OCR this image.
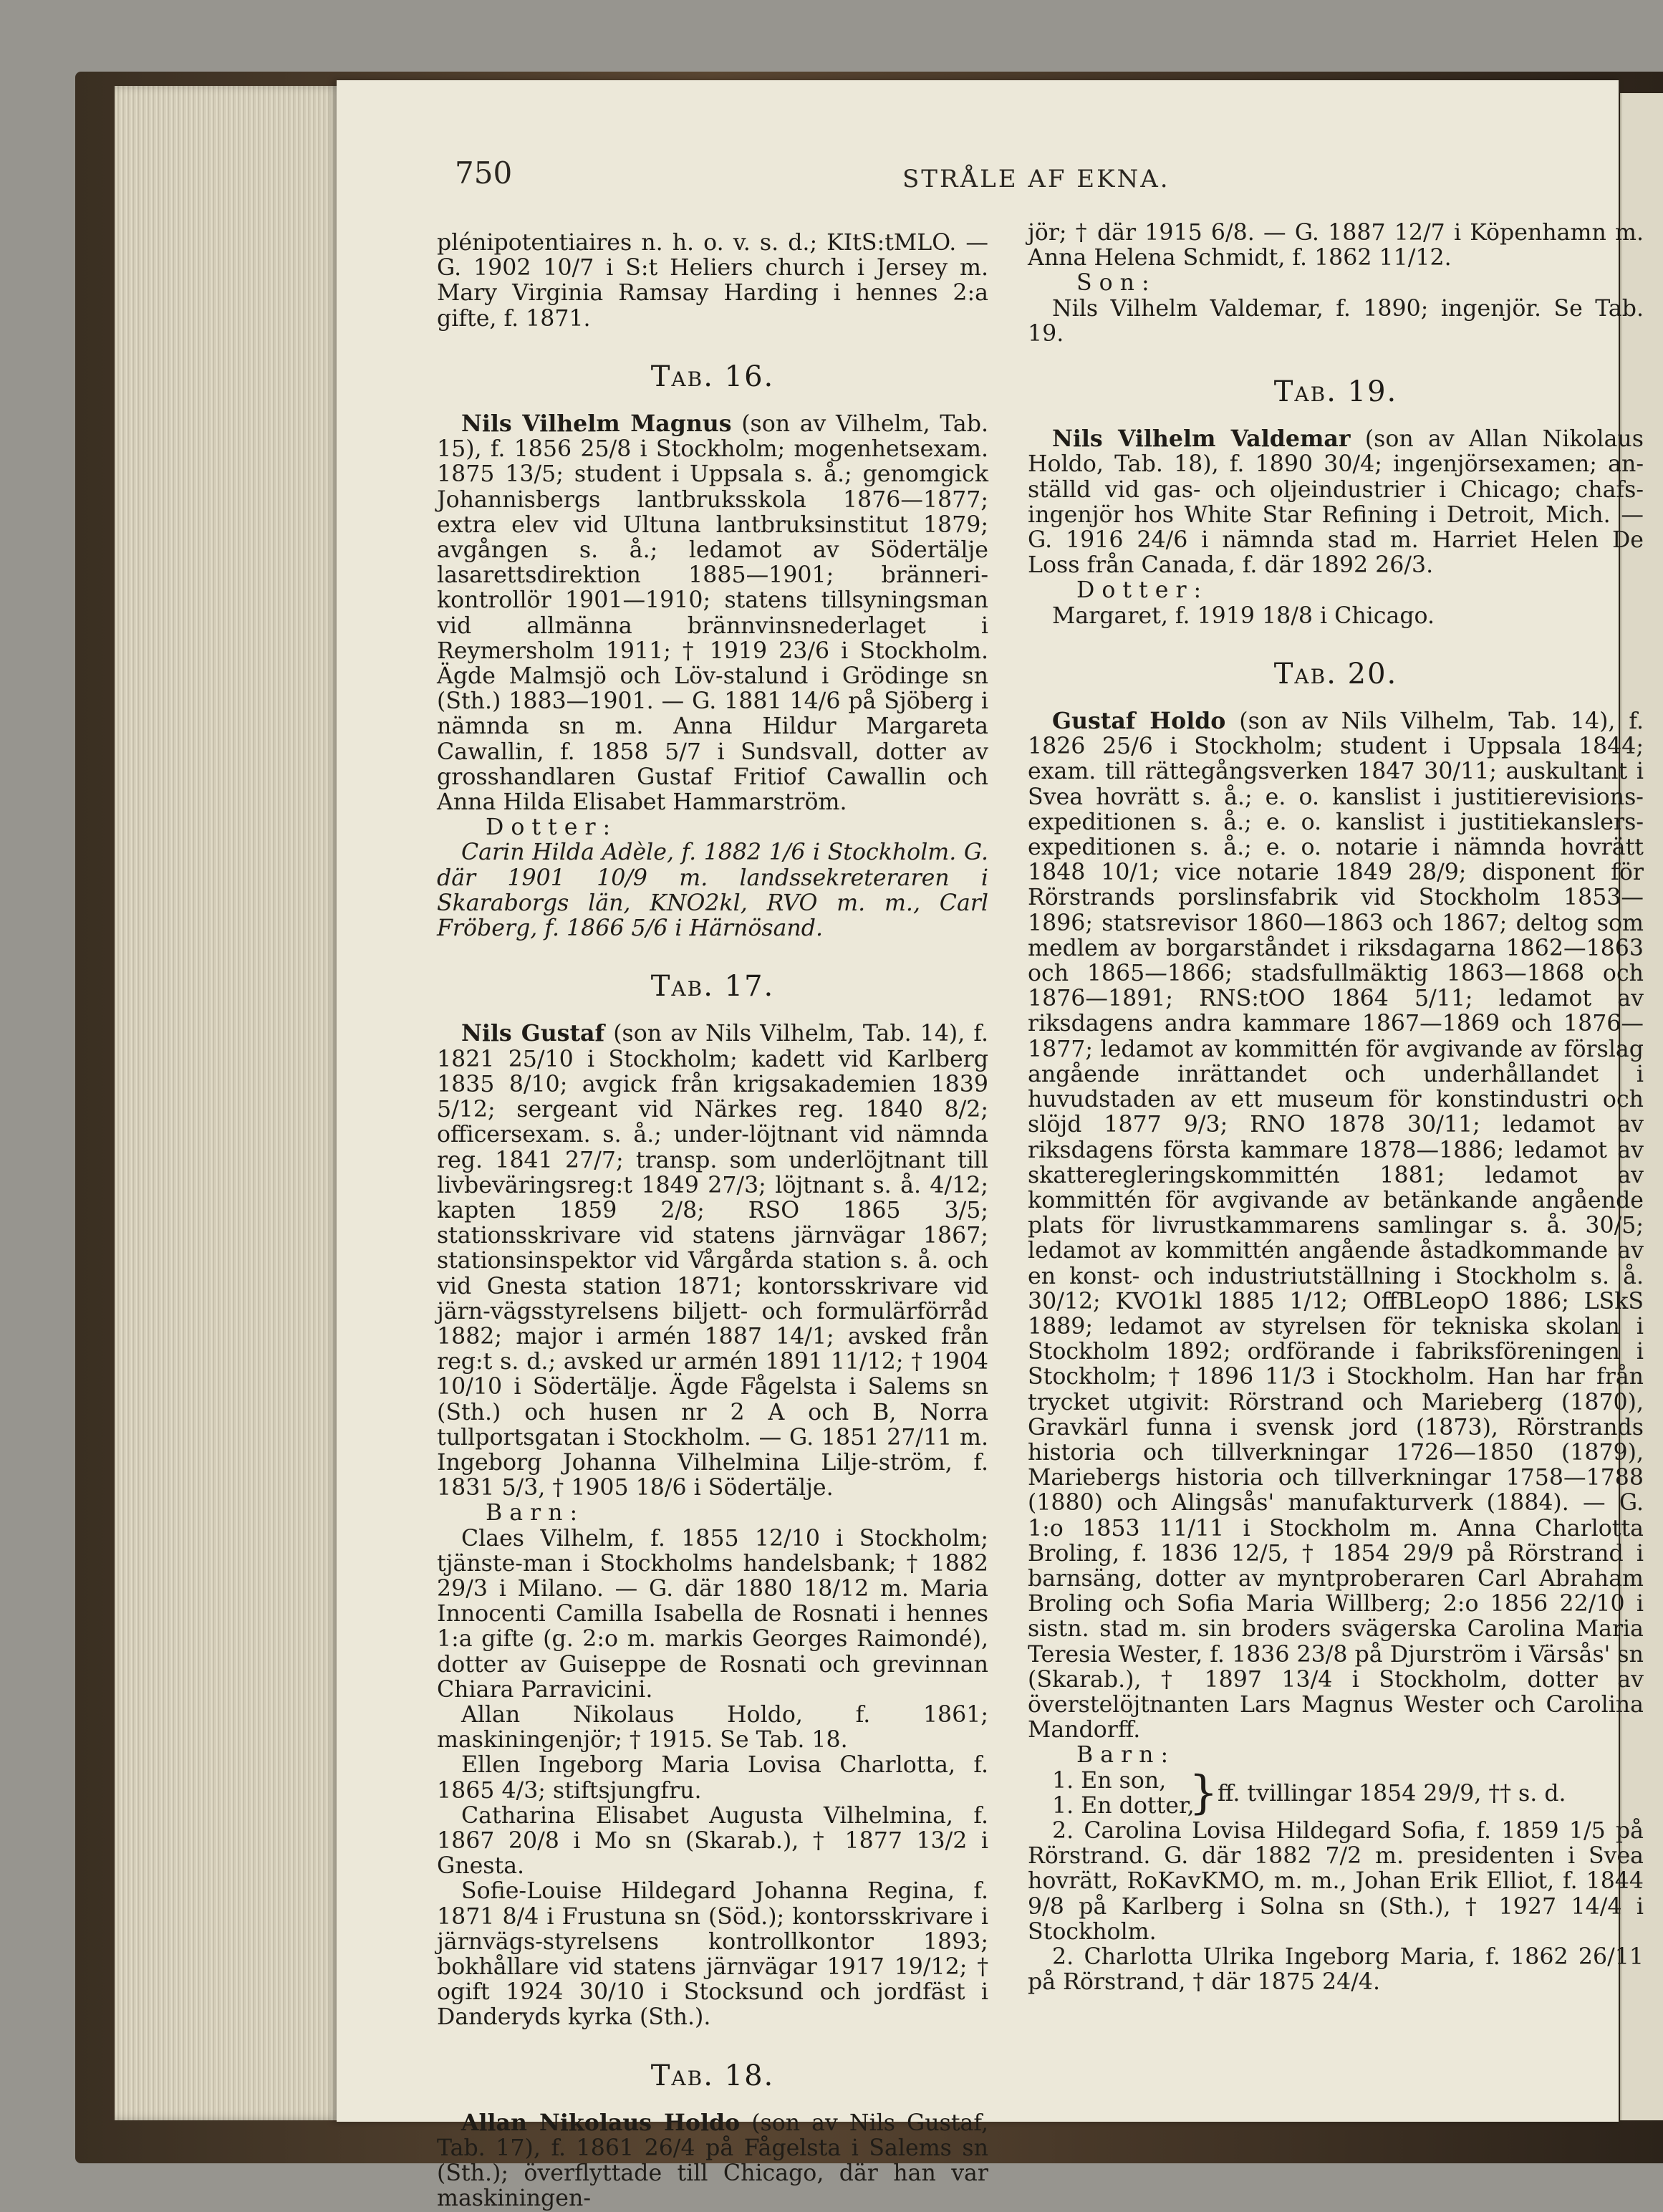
750	STRÅLE AF EKNA.

plénipotentiaires n. h. o. v. s. d.; KItS:tMLO. — G. 1902 10/7 i S:t Heliers church i Jersey m. Mary Virginia Ramsay Harding i hennes 2:a gifte, f. 1871.

Tab. 16.

Nils Vilhelm Magnus (son av Vilhelm, Tab. 15), f. 1856 25/8 i Stockholm; mogenhetsexam. 1875 13/5; student i Uppsala s. å.; genomgick Johannisbergs lantbruksskola 1876—1877; extra elev vid Ultuna lantbruksinstitut 1879; avgången s. å.; ledamot av Södertälje lasarettsdirektion 1885—1901; bränneri-kontrollör 1901—1910; statens tillsyningsman vid allmänna brännvinsnederlaget i Reymersholm 1911; † 1919 23/6 i Stockholm. Ägde Malmsjö och Löv-stalund i Grödinge sn (Sth.) 1883—1901. — G. 1881 14/6 på Sjöberg i nämnda sn m. Anna Hildur Margareta Cawallin, f. 1858 5/7 i Sundsvall, dotter av grosshandlaren Gustaf Fritiof Cawallin och Anna Hilda Elisabet Hammarström.

Dotter:

Carin Hilda Adèle, f. 1882 1/6 i Stockholm. G. där 1901 10/9 m. landssekreteraren i Skaraborgs län, KNO2kl, RVO m. m., Carl Fröberg, f. 1866 5/6 i Härnösand.

Tab. 17.

Nils Gustaf (son av Nils Vilhelm, Tab. 14), f. 1821 25/10 i Stockholm; kadett vid Karlberg 1835 8/10; avgick från krigsakademien 1839 5/12; sergeant vid Närkes reg. 1840 8/2; officersexam. s. å.; under-löjtnant vid nämnda reg. 1841 27/7; transp. som underlöjtnant till livbeväringsreg:t 1849 27/3; löjtnant s. å. 4/12; kapten 1859 2/8; RSO 1865 3/5; stationsskrivare vid statens järnvägar 1867; stationsinspektor vid Vårgårda station s. å. och vid Gnesta station 1871; kontorsskrivare vid järn-vägsstyrelsens biljett- och formulärförråd 1882; major i armén 1887 14/1; avsked från reg:t s. d.; avsked ur armén 1891 11/12; † 1904 10/10 i Södertälje. Ägde Fågelsta i Salems sn (Sth.) och husen nr 2 A och B, Norra tullportsgatan i Stockholm. — G. 1851 27/11 m. Ingeborg Johanna Vilhelmina Lilje-ström, f. 1831 5/3, † 1905 18/6 i Södertälje.

Barn:

Claes Vilhelm, f. 1855 12/10 i Stockholm; tjänste-man i Stockholms handelsbank; † 1882 29/3 i Milano. — G. där 1880 18/12 m. Maria Innocenti Camilla Isabella de Rosnati i hennes 1:a gifte (g. 2:o m. markis Georges Raimondé), dotter av Guiseppe de Rosnati och grevinnan Chiara Parravicini.

Allan Nikolaus Holdo, f. 1861; maskiningenjör; † 1915. Se Tab. 18.

Ellen Ingeborg Maria Lovisa Charlotta, f. 1865 4/3; stiftsjungfru.

Catharina Elisabet Augusta Vilhelmina, f. 1867 20/8 i Mo sn (Skarab.), † 1877 13/2 i Gnesta.

Sofie-Louise Hildegard Johanna Regina, f. 1871 8/4 i Frustuna sn (Söd.); kontorsskrivare i järnvägs-styrelsens kontrollkontor 1893; bokhållare vid statens järnvägar 1917 19/12; † ogift 1924 30/10 i Stocksund och jordfäst i Danderyds kyrka (Sth.).

Tab. 18.

Allan Nikolaus Holdo (son av Nils Gustaf, Tab. 17), f. 1861 26/4 på Fågelsta i Salems sn (Sth.); överflyttade till Chicago, där han var maskiningen-

jör; † där 1915 6/8. — G. 1887 12/7 i Köpenhamn m. Anna Helena Schmidt, f. 1862 11/12.

Son:

Nils Vilhelm Valdemar, f. 1890; ingenjör. Se Tab. 19.

Tab. 19.

Nils Vilhelm Valdemar (son av Allan Nikolaus Holdo, Tab. 18), f. 1890 30/4; ingenjörsexamen; an-ställd vid gas- och oljeindustrier i Chicago; chafs-ingenjör hos White Star Refining i Detroit, Mich. — G. 1916 24/6 i nämnda stad m. Harriet Helen De Loss från Canada, f. där 1892 26/3.

Dotter:

Margaret, f. 1919 18/8 i Chicago.

Tab. 20.

Gustaf Holdo (son av Nils Vilhelm, Tab. 14), f. 1826 25/6 i Stockholm; student i Uppsala 1844; exam. till rättegångsverken 1847 30/11; auskultant i Svea hovrätt s. å.; e. o. kanslist i justitierevisions-expeditionen s. å.; e. o. kanslist i justitiekanslers-expeditionen s. å.; e. o. notarie i nämnda hovrätt 1848 10/1; vice notarie 1849 28/9; disponent för Rörstrands porslinsfabrik vid Stockholm 1853—1896; statsrevisor 1860—1863 och 1867; deltog som medlem av borgarståndet i riksdagarna 1862—1863 och 1865—1866; stadsfullmäktig 1863—1868 och 1876—1891; RNS:tOO 1864 5/11; ledamot av riksdagens andra kammare 1867—1869 och 1876—1877; ledamot av kommittén för avgivande av förslag angående inrättandet och underhållandet i huvudstaden av ett museum för konstindustri och slöjd 1877 9/3; RNO 1878 30/11; ledamot av riksdagens första kammare 1878—1886; ledamot av skatteregleringskommittén 1881; ledamot av kommittén för avgivande av betänkande angående plats för livrustkammarens samlingar s. å. 30/5; ledamot av kommittén angående åstadkommande av en konst- och industriutställning i Stockholm s. å. 30/12; KVO1kl 1885 1/12; OffBLeopO 1886; LSkS 1889; ledamot av styrelsen för tekniska skolan i Stockholm 1892; ordförande i fabriksföreningen i Stockholm; † 1896 11/3 i Stockholm. Han har från trycket utgivit: Rörstrand och Marieberg (1870), Gravkärl funna i svensk jord (1873), Rörstrands historia och tillverkningar 1726—1850 (1879), Mariebergs historia och tillverkningar 1758—1788 (1880) och Alingsås' manufakturverk (1884). — G. 1:o 1853 11/11 i Stockholm m. Anna Charlotta Broling, f. 1836 12/5, † 1854 29/9 på Rörstrand i barnsäng, dotter av myntproberaren Carl Abraham Broling och Sofia Maria Willberg; 2:o 1856 22/10 i sistn. stad m. sin broders svägerska Carolina Maria Teresia Wester, f. 1836 23/8 på Djurström i Värsås' sn (Skarab.), † 1897 13/4 i Stockholm, dotter av överstelöjtnanten Lars Magnus Wester och Carolina Mandorff.

Barn:

1. En son,
1. En dotter,
} ff. tvillingar 1854 29/9, †† s. d.

2. Carolina Lovisa Hildegard Sofia, f. 1859 1/5 på Rörstrand. G. där 1882 7/2 m. presidenten i Svea hovrätt, RoKavKMO, m. m., Johan Erik Elliot, f. 1844 9/8 på Karlberg i Solna sn (Sth.), † 1927 14/4 i Stockholm.

2. Charlotta Ulrika Ingeborg Maria, f. 1862 26/11 på Rörstrand, † där 1875 24/4.
